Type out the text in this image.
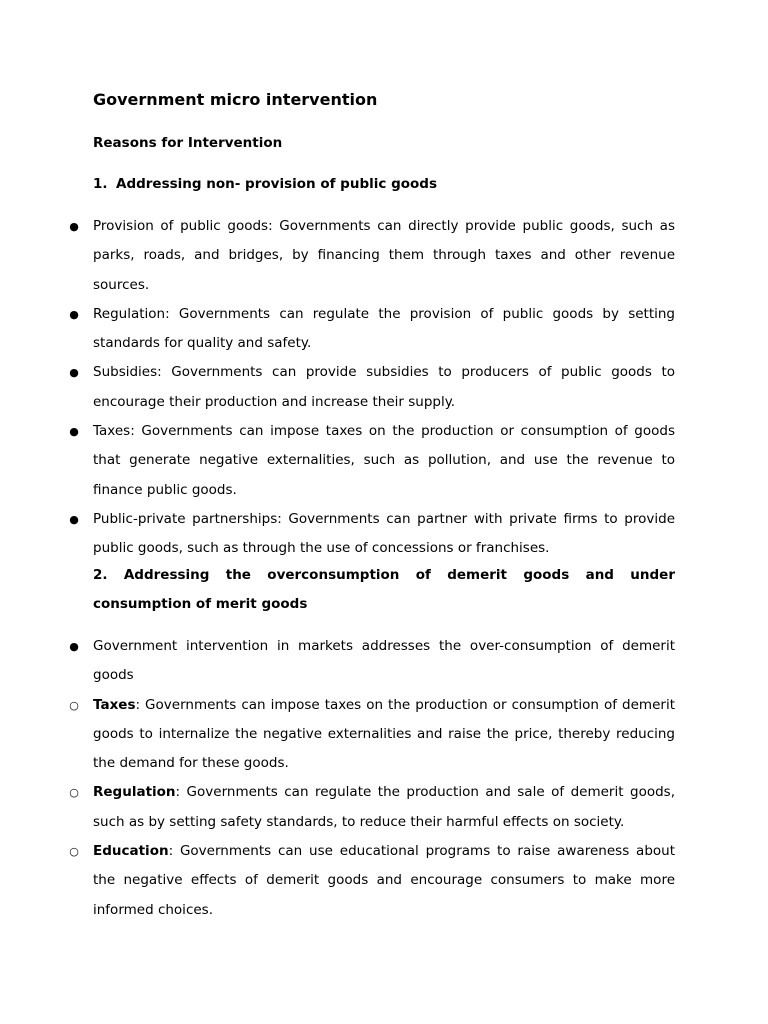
Government micro intervention
Reasons for Intervention
1. Addressing non- provision of public goods
● Provision of public goods: Governments can directly provide public goods, such as parks, roads, and bridges, by financing them through taxes and other revenue sources.
● Regulation: Governments can regulate the provision of public goods by setting standards for quality and safety.
● Subsidies: Governments can provide subsidies to producers of public goods to encourage their production and increase their supply.
● Taxes: Governments can impose taxes on the production or consumption of goods that generate negative externalities, such as pollution, and use the revenue to finance public goods.
● Public-private partnerships: Governments can partner with private firms to provide public goods, such as through the use of concessions or franchises.
2. Addressing the overconsumption of demerit goods and under consumption of merit goods
● Government intervention in markets addresses the over-consumption of demerit goods
○ Taxes: Governments can impose taxes on the production or consumption of demerit goods to internalize the negative externalities and raise the price, thereby reducing the demand for these goods.
○ Regulation: Governments can regulate the production and sale of demerit goods, such as by setting safety standards, to reduce their harmful effects on society.
○ Education: Governments can use educational programs to raise awareness about the negative effects of demerit goods and encourage consumers to make more informed choices.
